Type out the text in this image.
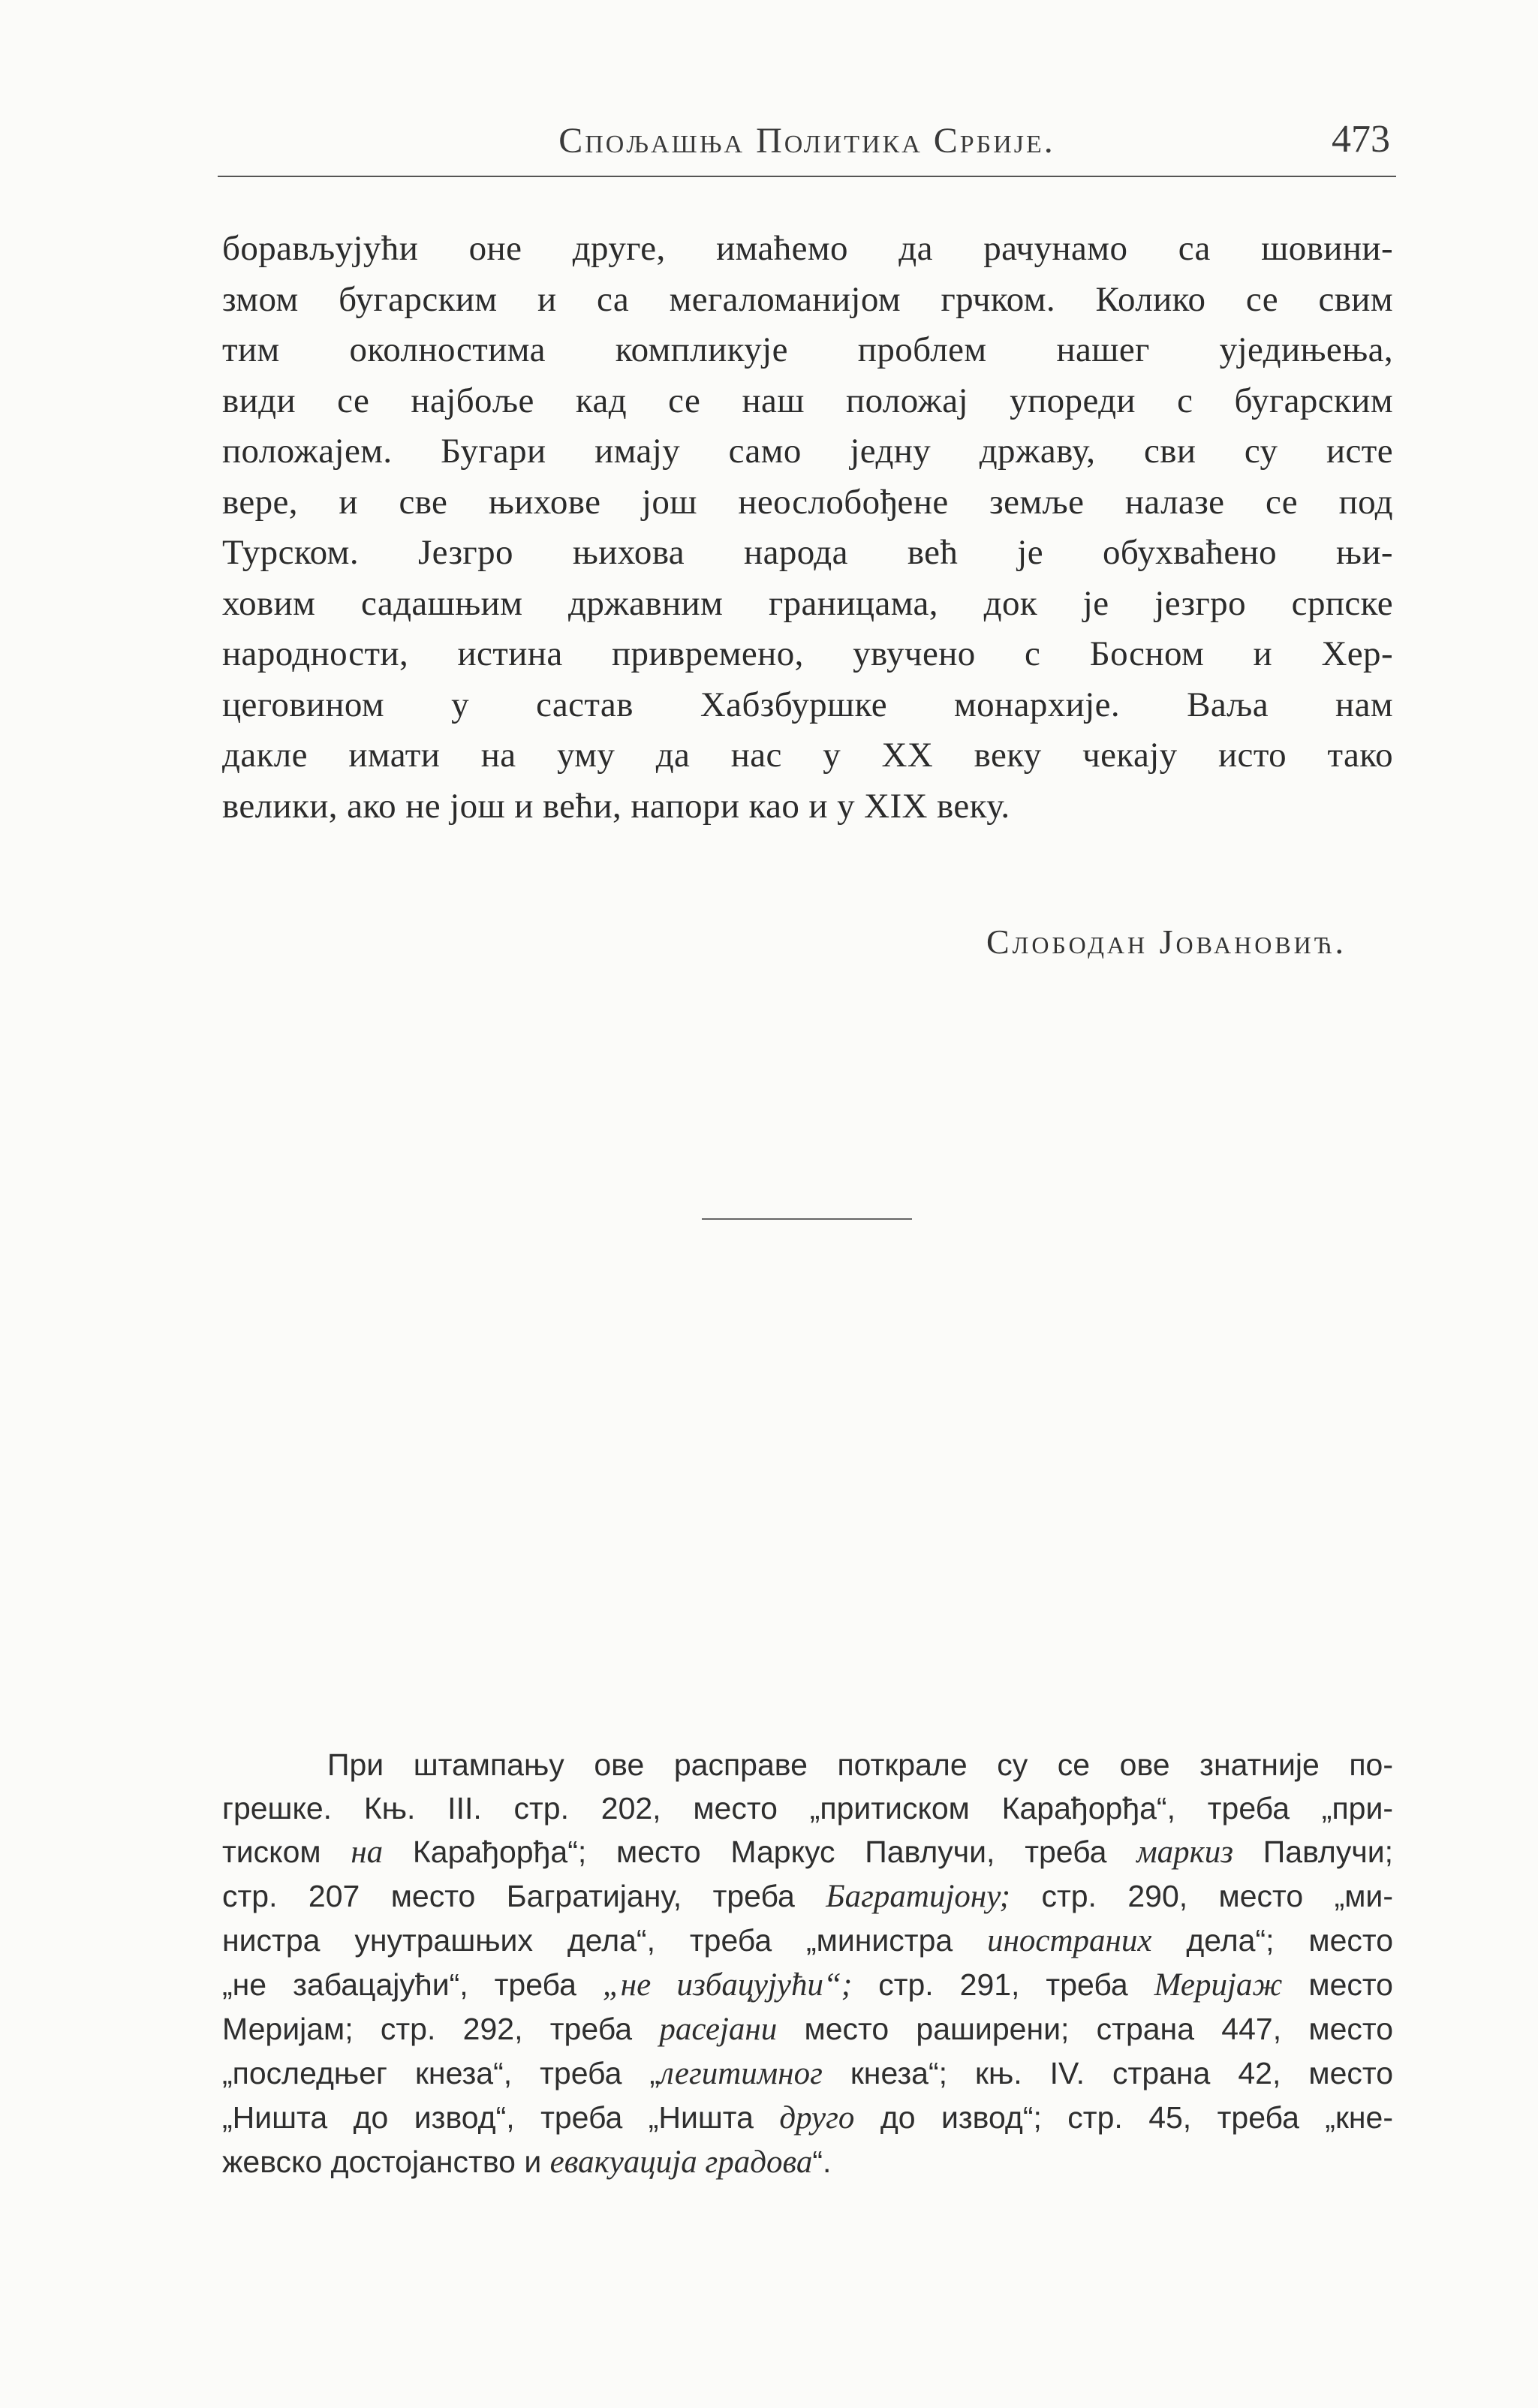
Спољашња Политика Србије.	473
борављујући оне друге, имаћемо да рачунамо са шовини-
змом бугарским и са мегаломанијом грчком. Колико се свим
тим околностима компликује проблем нашег уједињења,
види се најбоље кад се наш положај упореди с бугарским
положајем. Бугари имају само једну државу, сви су исте
вере, и све њихове још неослобођене земље налазе се под
Турском. Језгро њихова народа већ је обухваћено њи-
ховим садашњим државним границама, док је језгро српске
народности, истина привремено, увучено с Босном и Хер-
цеговином у састав Хабзбуршке монархије. Ваља нам
дакле имати на уму да нас у XX веку чекају исто тако
велики, ако не још и већи, напори као и у XIX веку.
Слободан Јовановић.
При штампању ове расправе поткрале су се ове знатније по-
грешке. Књ. III. стр. 202, место „притиском Карађорђа“, треба „при-
тиском на Карађорђа“; место Маркус Павлучи, треба маркиз Павлучи;
стр. 207 место Багратијану, треба Багратијону; стр. 290, место „ми-
нистра унутрашњих дела“, треба „министра иностраних дела“; место
„не забацајући“, треба „не избацујући“; стр. 291, треба Меријаж место
Меријам; стр. 292, треба расејани место раширени; страна 447, место
„последњег кнеза“, треба „легитимног кнеза“; књ. IV. страна 42, место
„Ништа до извод“, треба „Ништа друго до извод“; стр. 45, треба „кне-
жевско достојанство и евакуација градова“.
